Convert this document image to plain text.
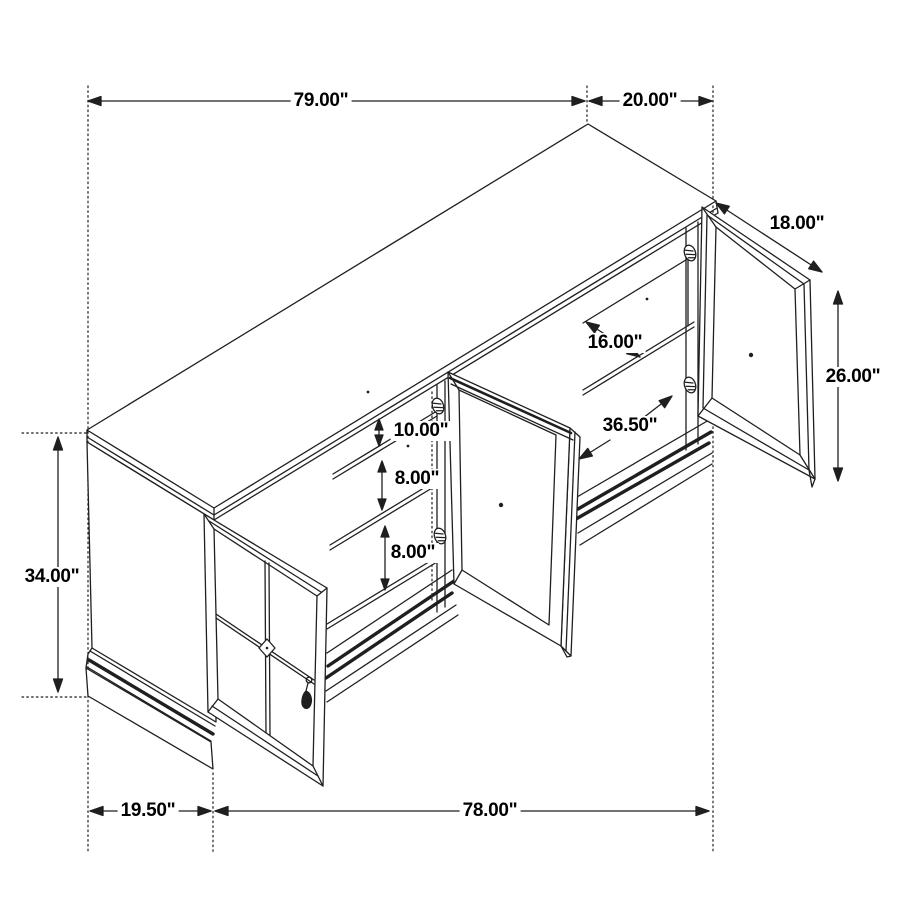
79.00"	20.00"
18.00"
26.00"
16.00"
36.50"
10.00"
8.00"
8.00"
34.00"
19.50"	78.00"
